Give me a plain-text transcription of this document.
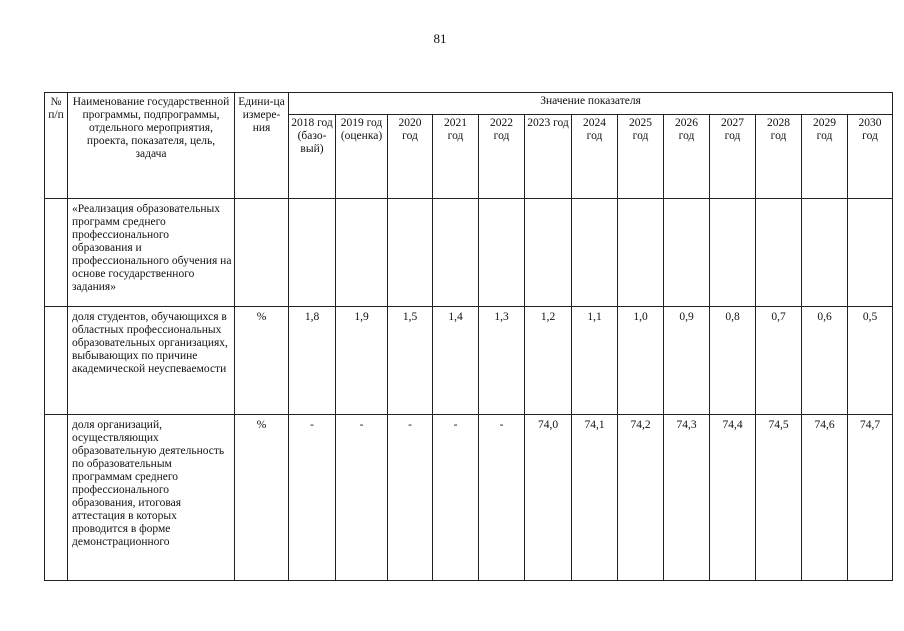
81
№ п/п	Наименование государственной программы, подпрограммы, отдельного мероприятия, проекта, показателя, цель, задача	Едини-ца измере-ния	Значение показателя												
			2018 год (базо-вый)	2019 год (оценка)	2020 год	2021 год	2022 год	2023 год	2024 год	2025 год	2026 год	2027 год	2028 год	2029 год	2030 год
	«Реализация образовательных программ среднего профессионального образования и профессионального обучения на основе государственного задания»														
	доля студентов, обучающихся в областных профессиональных образовательных организациях, выбывающих по причине академической неуспеваемости	%	1,8	1,9	1,5	1,4	1,3	1,2	1,1	1,0	0,9	0,8	0,7	0,6	0,5
	доля организаций, осуществляющих образовательную деятельность по образовательным программам среднего профессионального образования, итоговая аттестация в которых проводится в форме демонстрационного	%	-	-	-	-	-	74,0	74,1	74,2	74,3	74,4	74,5	74,6	74,7
